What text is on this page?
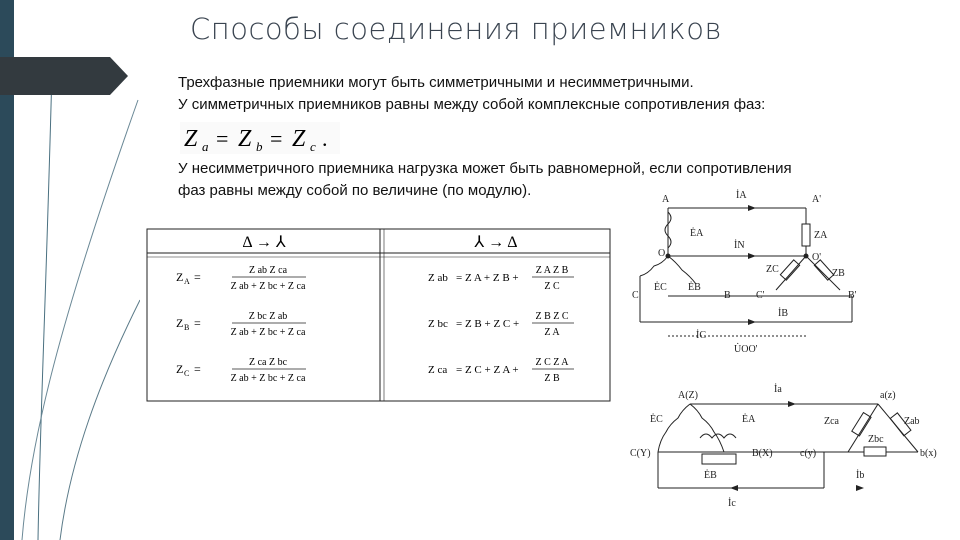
Способы соединения приемников
Трехфазные приемники могут быть симметричными и несимметричными.
У симметричных приемников равны между собой комплексные сопротивления фаз:
Z a = Z b = Z c .
У несимметричного приемника нагрузка может быть равномерной, если сопротивления
фаз равны между собой по величине (по модулю).
Δ → ⅄	⅄ → Δ
Z A =	Z ab Z ca
Z ab + Z bc + Z ca
Z B =	Z bc Z ab
Z ab + Z bc + Z ca
Z C =	Z ca Z bc
Z ab + Z bc + Z ca
Z ab = Z A + Z B +
Z A Z B
Z C
Z bc = Z B + Z C +
Z B Z C
Z A
Z ca = Z C + Z A +
Z C Z A
Z B
A	A'
O	O'
C	B	C'	B'
İA
İN
İB
İC
U̇OO'
ĖA
ĖB
ĖC
ZA
ZC	ZB
A(Z)
C(Y)	B(X)
a(z)
c(y)	b(x)
ĖC	ĖA
ĖB
Zca	Zab
Zbc
İa
İb
İc
